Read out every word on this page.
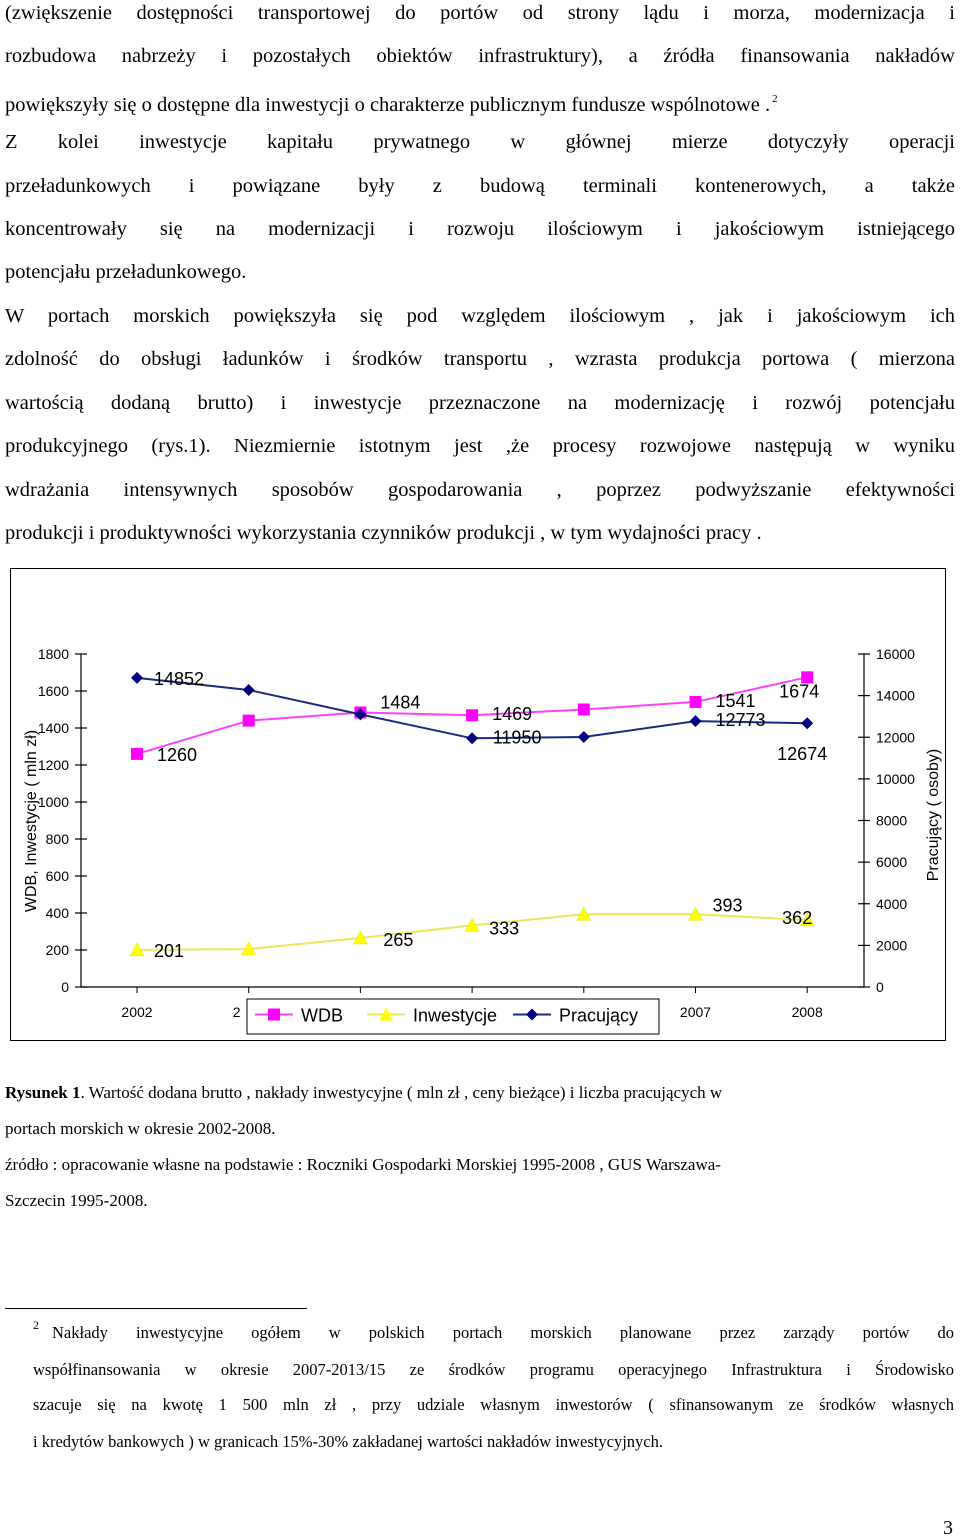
(zwiększenie dostępności transportowej do portów od strony lądu i morza, modernizacja i
rozbudowa nabrzeży i pozostałych obiektów infrastruktury), a źródła finansowania nakładów
powiększyły się o dostępne dla inwestycji o charakterze publicznym fundusze wspólnotowe . $^2$
Z kolei inwestycje kapitału prywatnego w głównej mierze dotyczyły operacji
przeładunkowych i powiązane były z budową terminali kontenerowych, a także
koncentrowały się na modernizacji i rozwoju ilościowym i jakościowym istniejącego
potencjału przeładunkowego.
W portach morskich powiększyła się pod względem ilościowym , jak i jakościowym ich
zdolność do obsługi ładunków i środków transportu , wzrasta produkcja portowa ( mierzona
wartością dodaną brutto) i inwestycje przeznaczone na modernizację i rozwój potencjału
produkcyjnego (rys.1). Niezmiernie istotnym jest ,że procesy rozwojowe następują w wyniku
wdrażania intensywnych sposobów gospodarowania , poprzez podwyższanie efektywności
produkcji i produktywności wykorzystania czynników produkcji , w tym wydajności pracy .
0
200
400
600
800
1000
1200
1400
1600
1800
0
2000
4000
6000
8000
10000
12000
14000
16000
2002	2	2007	2008
WDB, Inwestycje ( mln zł)	Pracujący ( osoby)
1260
1484
1469
1541 1674
201
265
333
393
362
14852
11950
12773
12674
WDB	Inwestycje	Pracujący
Rysunek 1. Wartość dodana brutto , nakłady inwestycyjne ( mln zł , ceny bieżące) i liczba pracujących w
portach morskich w okresie 2002-2008.
źródło : opracowanie własne na podstawie : Roczniki Gospodarki Morskiej 1995-2008 , GUS Warszawa-
Szczecin 1995-2008.
2 Nakłady inwestycyjne ogółem w polskich portach morskich planowane przez zarządy portów do
współfinansowania w okresie 2007-2013/15 ze środków programu operacyjnego Infrastruktura i Środowisko
szacuje się na kwotę 1 500 mln zł , przy udziale własnym inwestorów ( sfinansowanym ze środków własnych
i kredytów bankowych ) w granicach 15%-30% zakładanej wartości nakładów inwestycyjnych.
3
